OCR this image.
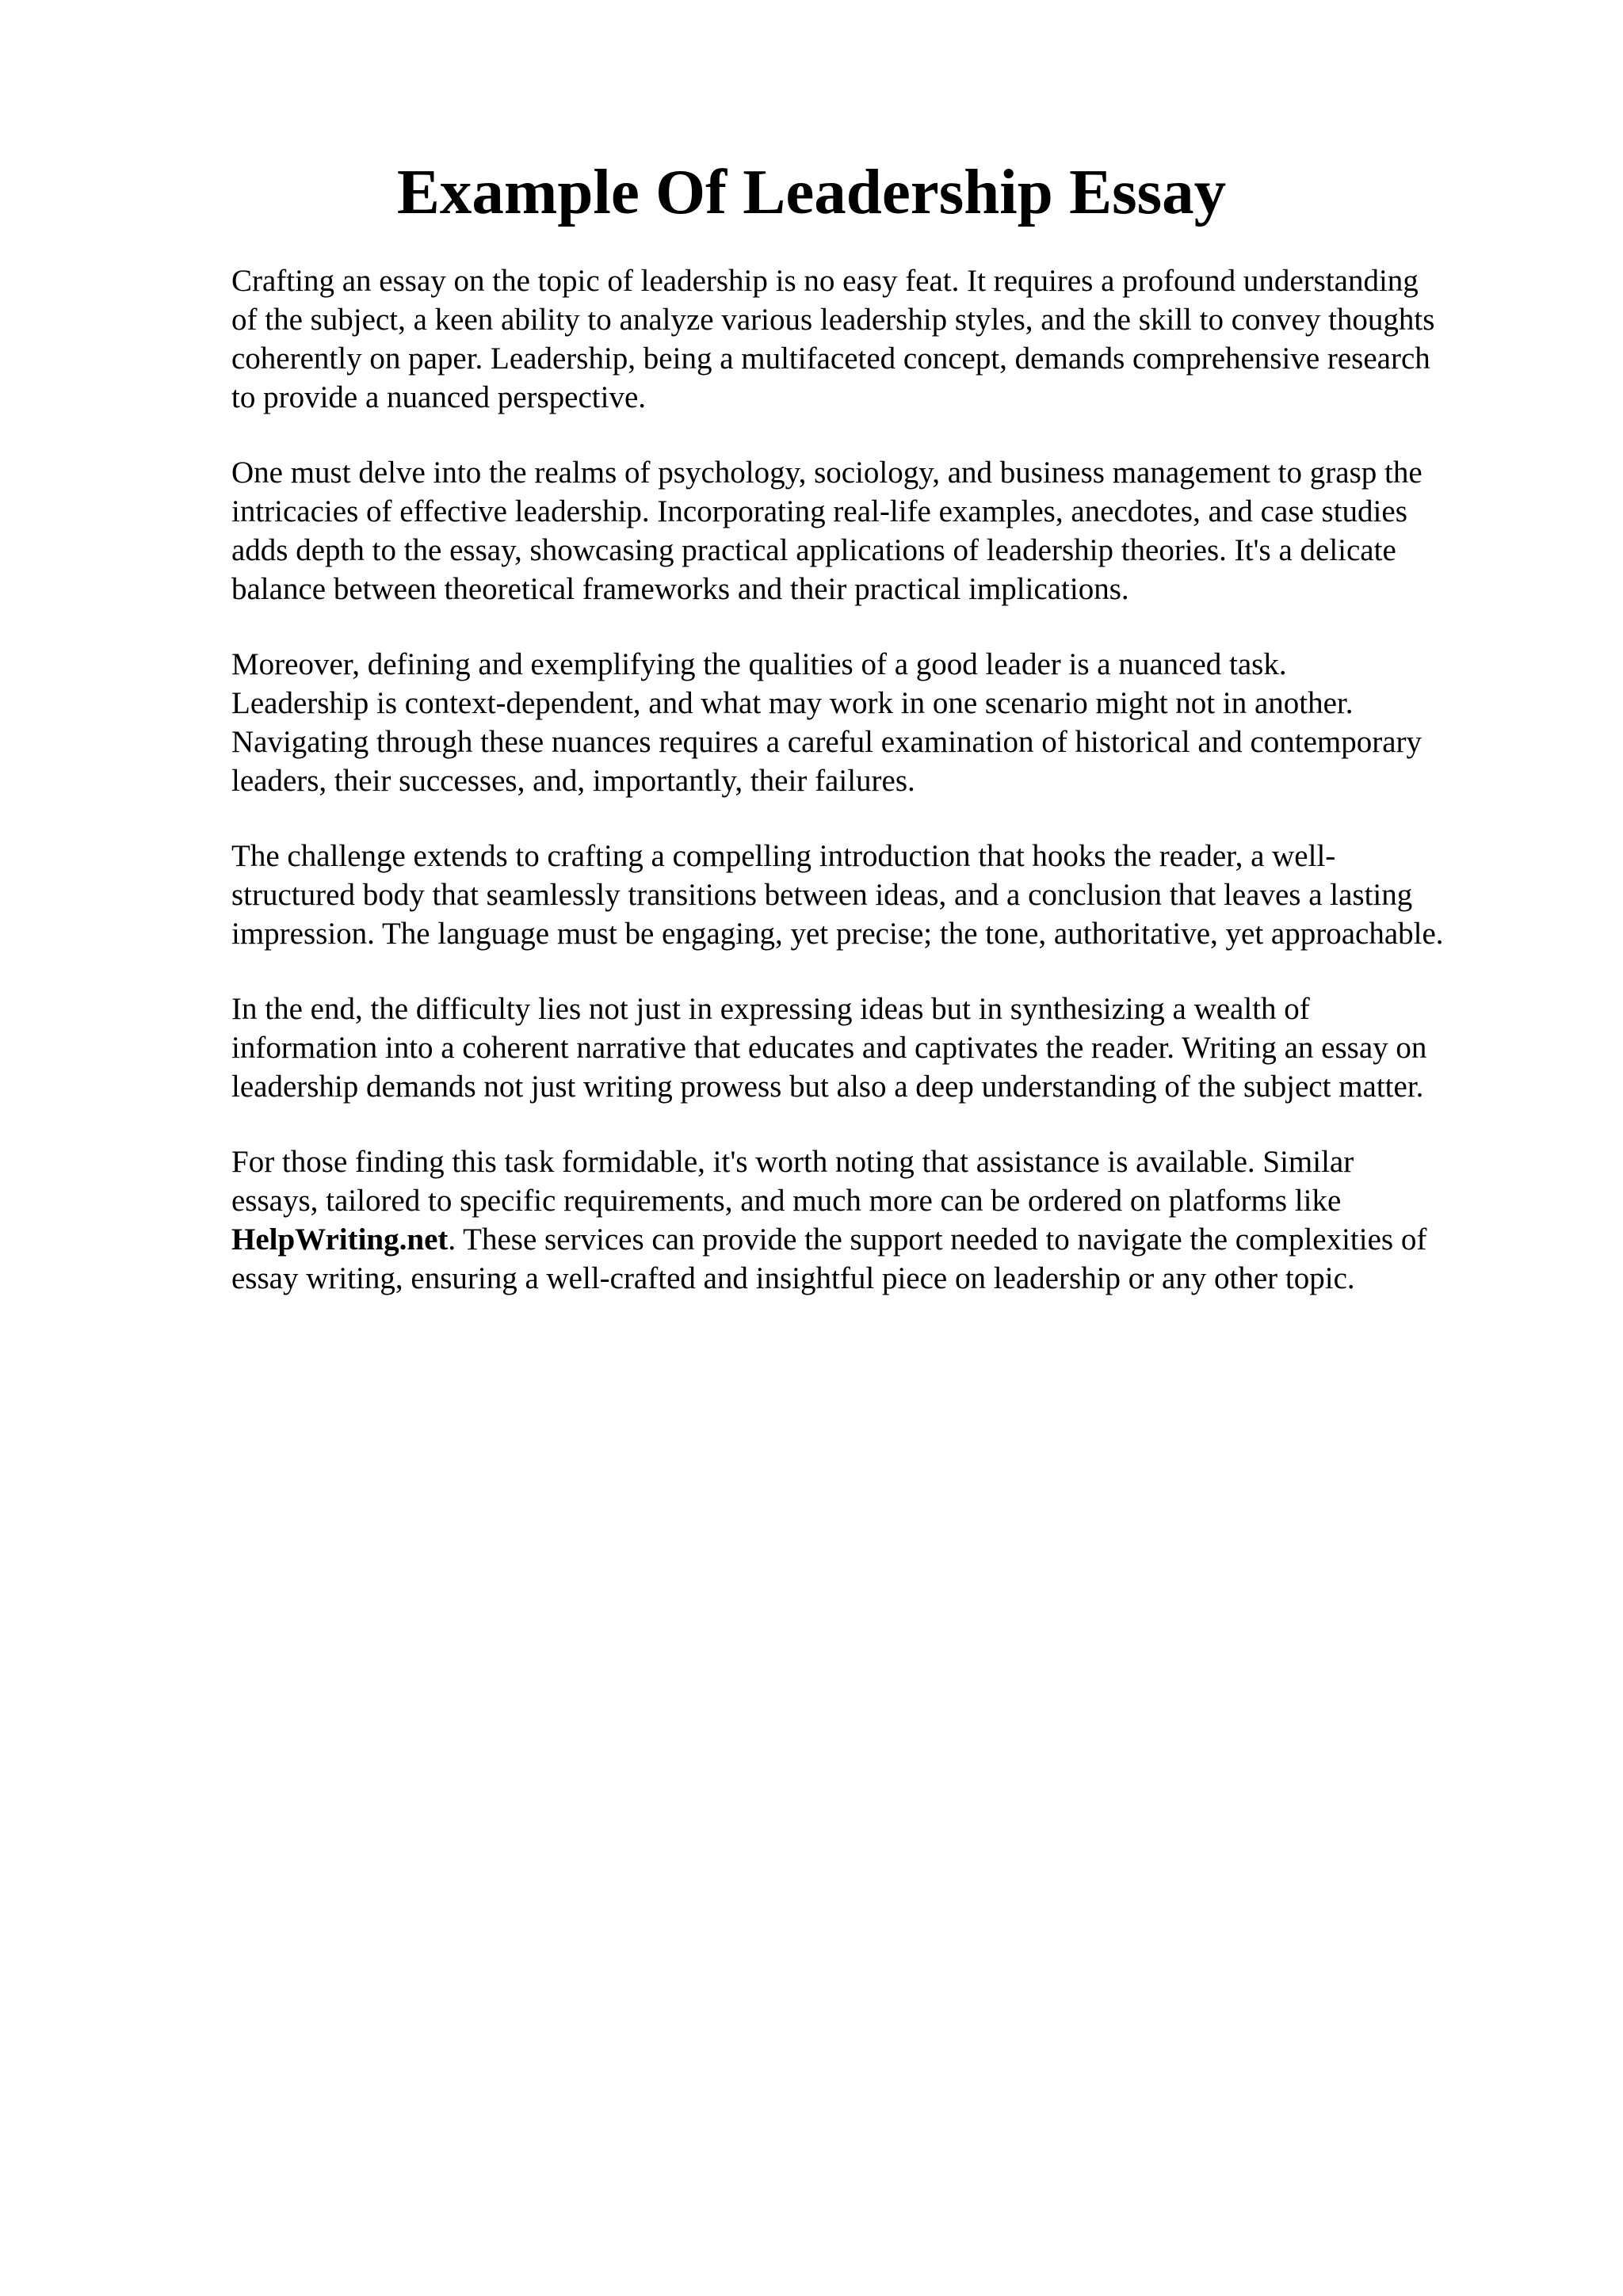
Example Of Leadership Essay

Crafting an essay on the topic of leadership is no easy feat. It requires a profound understanding
of the subject, a keen ability to analyze various leadership styles, and the skill to convey thoughts
coherently on paper. Leadership, being a multifaceted concept, demands comprehensive research
to provide a nuanced perspective.

One must delve into the realms of psychology, sociology, and business management to grasp the
intricacies of effective leadership. Incorporating real-life examples, anecdotes, and case studies
adds depth to the essay, showcasing practical applications of leadership theories. It's a delicate
balance between theoretical frameworks and their practical implications.

Moreover, defining and exemplifying the qualities of a good leader is a nuanced task.
Leadership is context-dependent, and what may work in one scenario might not in another.
Navigating through these nuances requires a careful examination of historical and contemporary
leaders, their successes, and, importantly, their failures.

The challenge extends to crafting a compelling introduction that hooks the reader, a well-
structured body that seamlessly transitions between ideas, and a conclusion that leaves a lasting
impression. The language must be engaging, yet precise; the tone, authoritative, yet approachable.

In the end, the difficulty lies not just in expressing ideas but in synthesizing a wealth of
information into a coherent narrative that educates and captivates the reader. Writing an essay on
leadership demands not just writing prowess but also a deep understanding of the subject matter.

For those finding this task formidable, it's worth noting that assistance is available. Similar
essays, tailored to specific requirements, and much more can be ordered on platforms like
HelpWriting.net. These services can provide the support needed to navigate the complexities of
essay writing, ensuring a well-crafted and insightful piece on leadership or any other topic.
